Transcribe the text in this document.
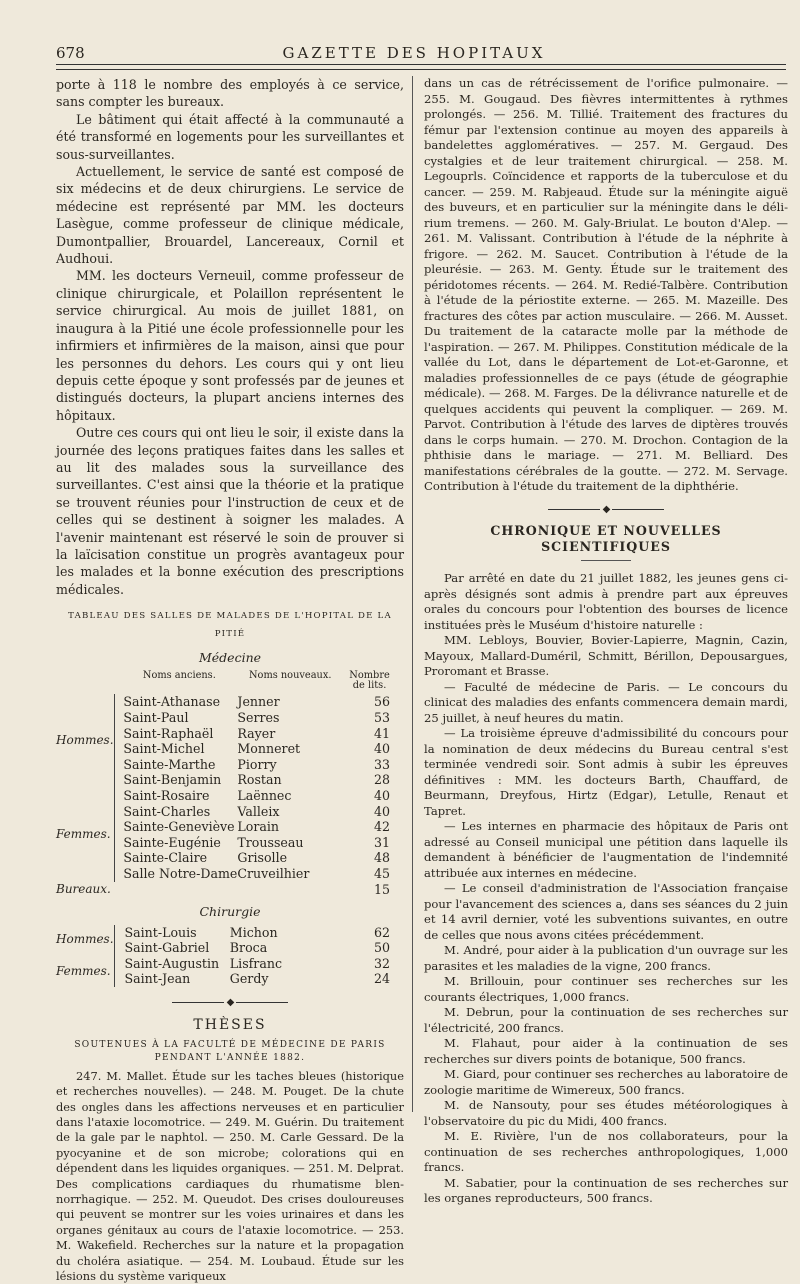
678	GAZETTE DES HOPITAUX

porte à 118 le nombre des employés à ce service, sans compter les bureaux.

Le bâtiment qui était affecté à la communauté a été transformé en logements pour les surveillantes et sous-surveillantes.

Actuellement, le service de santé est composé de six médecins et de deux chirurgiens. Le service de médecine est représenté par MM. les docteurs Lasègue, comme professeur de clinique médicale, Dumontpallier, Brouardel, Lancereaux, Cornil et Audhoui.

MM. les docteurs Verneuil, comme professeur de clinique chirurgicale, et Polaillon représentent le service chirurgical. Au mois de juillet 1881, on inaugura à la Pitié une école professionnelle pour les infirmiers et infirmières de la maison, ainsi que pour les personnes du dehors. Les cours qui y ont lieu depuis cette époque y sont professés par de jeunes et distingués docteurs, la plupart anciens internes des hôpitaux.

Outre ces cours qui ont lieu le soir, il existe dans la journée des leçons pratiques faites dans les salles et au lit des malades sous la surveillance des surveillantes. C'est ainsi que la théorie et la pratique se trouvent réunies pour l'instruction de ceux et de celles qui se destinent à soigner les malades. A l'avenir maintenant est réservé le soin de prouver si la laïcisation constitue un progrès avantageux pour les malades et la bonne exécution des prescriptions médicales.

TABLEAU DES SALLES DE MALADES DE L'HOPITAL DE LA PITIÉ
Médecine
		Noms anciens.	Noms nouveaux.	Nombre de lits.
Hommes.		Saint-Athanase	Jenner	56
		Saint-Paul	Serres	53
		Saint-Raphaël	Rayer	41
		Saint-Michel	Monneret	40
		Sainte-Marthe	Piorry	33
		Saint-Benjamin	Rostan	28
Femmes.		Saint-Rosaire	Laënnec	40
		Saint-Charles	Valleix	40
		Sainte-Geneviève	Lorain	42
		Sainte-Eugénie	Trousseau	31
		Sainte-Claire	Grisolle	48
		Salle Notre-Dame	Cruveilhier	45
Bureaux.				15
Chirurgie
Hommes.		Saint-Louis	Michon	62
		Saint-Gabriel	Broca	50
Femmes.		Saint-Augustin	Lisfranc	32
		Saint-Jean	Gerdy	24
◆
THÈSES
SOUTENUES À LA FACULTÉ DE MÉDECINE DE PARIS PENDANT L'ANNÉE 1882.

247. M. Mallet. Étude sur les taches bleues (historique et recherches nouvelles). — 248. M. Pouget. De la chute des ongles dans les affections nerveuses et en particulier dans l'ataxie locomotrice. — 249. M. Guérin. Du traitement de la gale par le naphtol. — 250. M. Carle Gessard. De la pyocyanine et de son microbe; colorations qui en dépendent dans les liquides organiques. — 251. M. Delprat. Des complications cardiaques du rhumatisme blennorrhagique. — 252. M. Queudot. Des crises douloureuses qui peuvent se montrer sur les voies urinaires et dans les organes génitaux au cours de l'ataxie locomotrice. — 253. M. Wakefield. Recherches sur la nature et la propagation du choléra asiatique. — 254. M. Loubaud. Étude sur les lésions du système variqueux

dans un cas de rétrécissement de l'orifice pulmonaire. — 255. M. Gougaud. Des fièvres intermittentes à rythmes prolongés. — 256. M. Tillié. Traitement des fractures du fémur par l'extension continue au moyen des appareils à bandelettes agglomératives. — 257. M. Gergaud. Des cystalgies et de leur traitement chirurgical. — 258. M. Legouprls. Coïncidence et rapports de la tuberculose et du cancer. — 259. M. Rabjeaud. Étude sur la méningite aiguë des buveurs, et en particulier sur la méningite dans le délirium tremens. — 260. M. Galy-Briulat. Le bouton d'Alep. — 261. M. Valissant. Contribution à l'étude de la néphrite à frigore. — 262. M. Saucet. Contribution à l'étude de la pleurésie. — 263. M. Genty. Étude sur le traitement des péridotomes récents. — 264. M. Redié-Talbère. Contribution à l'étude de la périostite externe. — 265. M. Mazeille. Des fractures des côtes par action musculaire. — 266. M. Ausset. Du traitement de la cataracte molle par la méthode de l'aspiration. — 267. M. Philippes. Constitution médicale de la vallée du Lot, dans le département de Lot-et-Garonne, et maladies professionnelles de ce pays (étude de géographie médicale). — 268. M. Farges. De la délivrance naturelle et de quelques accidents qui peuvent la compliquer. — 269. M. Parvot. Contribution à l'étude des larves de diptères trouvés dans le corps humain. — 270. M. Drochon. Contagion de la phthisie dans le mariage. — 271. M. Belliard. Des manifestations cérébrales de la goutte. — 272. M. Servage. Contribution à l'étude du traitement de la diphthérie.

◆
CHRONIQUE ET NOUVELLES SCIENTIFIQUES

Par arrêté en date du 21 juillet 1882, les jeunes gens ci-après désignés sont admis à prendre part aux épreuves orales du concours pour l'obtention des bourses de licence instituées près le Muséum d'histoire naturelle :

MM. Lebloys, Bouvier, Bovier-Lapierre, Magnin, Cazin, Mayoux, Mallard-Duméril, Schmitt, Bérillon, Depousargues, Proromant et Brasse.

— Faculté de médecine de Paris. — Le concours du clinicat des maladies des enfants commencera demain mardi, 25 juillet, à neuf heures du matin.

— La troisième épreuve d'admissibilité du concours pour la nomination de deux médecins du Bureau central s'est terminée vendredi soir. Sont admis à subir les épreuves définitives : MM. les docteurs Barth, Chauffard, de Beurmann, Dreyfous, Hirtz (Edgar), Letulle, Renaut et Tapret.

— Les internes en pharmacie des hôpitaux de Paris ont adressé au Conseil municipal une pétition dans laquelle ils demandent à bénéficier de l'augmentation de l'indemnité attribuée aux internes en médecine.

— Le conseil d'administration de l'Association française pour l'avancement des sciences a, dans ses séances du 2 juin et 14 avril dernier, voté les subventions suivantes, en outre de celles que nous avons citées précédemment.

M. André, pour aider à la publication d'un ouvrage sur les parasites et les maladies de la vigne, 200 francs.

M. Brillouin, pour continuer ses recherches sur les courants électriques, 1,000 francs.

M. Debrun, pour la continuation de ses recherches sur l'électricité, 200 francs.

M. Flahaut, pour aider à la continuation de ses recherches sur divers points de botanique, 500 francs.

M. Giard, pour continuer ses recherches au laboratoire de zoologie maritime de Wimereux, 500 francs.

M. de Nansouty, pour ses études météorologiques à l'observatoire du pic du Midi, 400 francs.

M. E. Rivière, l'un de nos collaborateurs, pour la continuation de ses recherches anthropologiques, 1,000 francs.

M. Sabatier, pour la continuation de ses recherches sur les organes reproducteurs, 500 francs.
